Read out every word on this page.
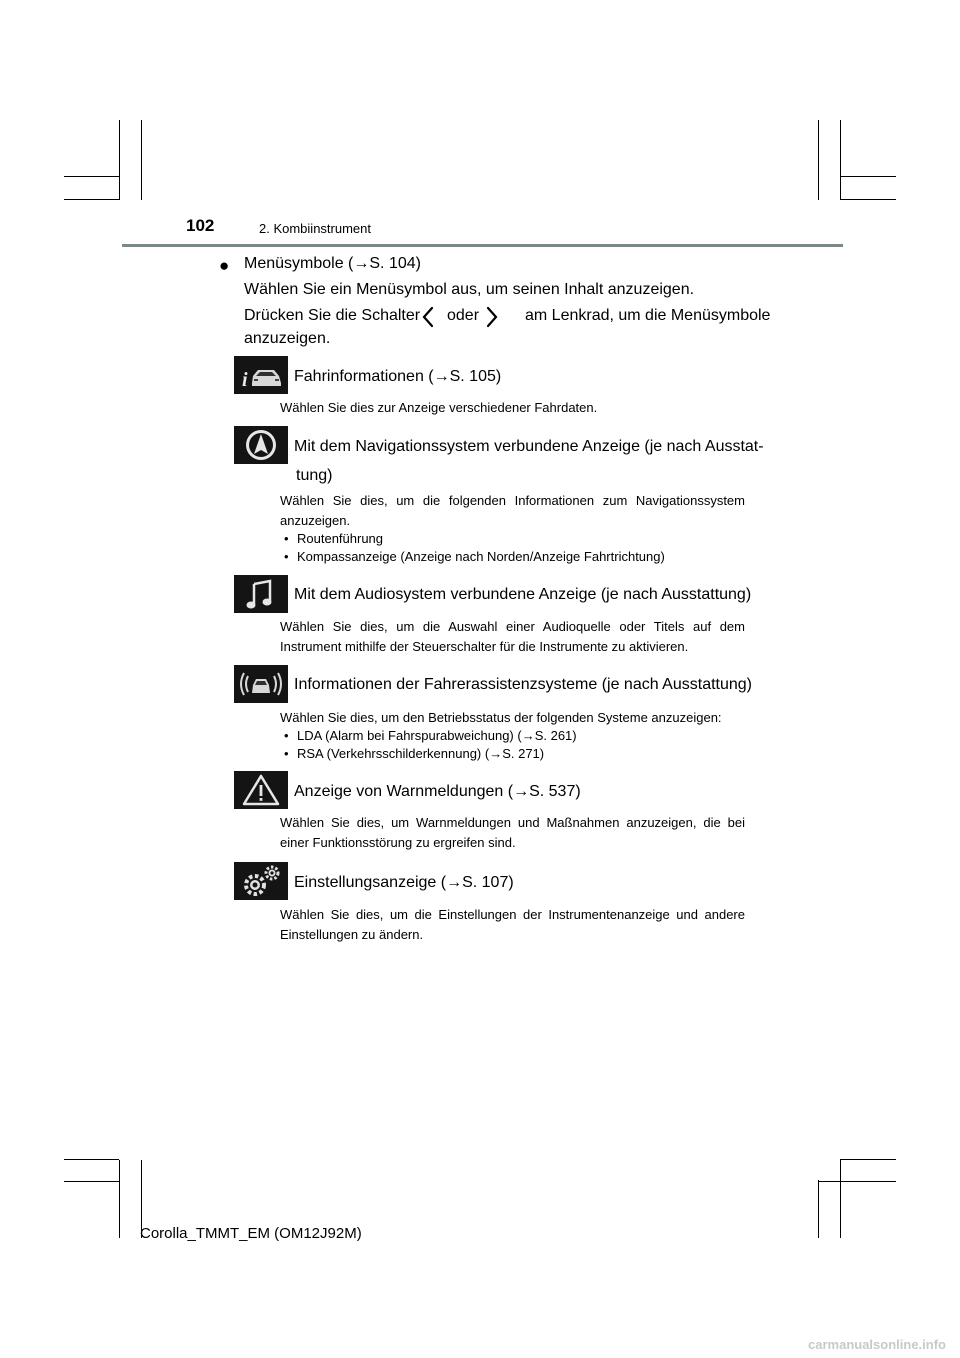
102	2. Kombiinstrument
● Menüsymbole (→S. 104)
Wählen Sie ein Menüsymbol aus, um seinen Inhalt anzuzeigen.
Drücken Sie die Schalter oder	am Lenkrad, um die Menüsymbole
anzuzeigen.
i	Fahrinformationen (→S. 105)
Wählen Sie dies zur Anzeige verschiedener Fahrdaten.
Mit dem Navigationssystem verbundene Anzeige (je nach Ausstat-
tung)
Wählen Sie dies, um die folgenden Informationen zum Navigationssystem anzuzeigen.
• Routenführung
• Kompassanzeige (Anzeige nach Norden/Anzeige Fahrtrichtung)
Mit dem Audiosystem verbundene Anzeige (je nach Ausstattung)
Wählen Sie dies, um die Auswahl einer Audioquelle oder Titels auf dem Instrument mithilfe der Steuerschalter für die Instrumente zu aktivieren.
Informationen der Fahrerassistenzsysteme (je nach Ausstattung)
Wählen Sie dies, um den Betriebsstatus der folgenden Systeme anzuzeigen:
• LDA (Alarm bei Fahrspurabweichung) (→S. 261)
• RSA (Verkehrsschilderkennung) (→S. 271)
Anzeige von Warnmeldungen (→S. 537)
Wählen Sie dies, um Warnmeldungen und Maßnahmen anzuzeigen, die bei einer Funktionsstörung zu ergreifen sind.
Einstellungsanzeige (→S. 107)
Wählen Sie dies, um die Einstellungen der Instrumentenanzeige und andere Einstellungen zu ändern.
Corolla_TMMT_EM (OM12J92M)
carmanualsonline.info
